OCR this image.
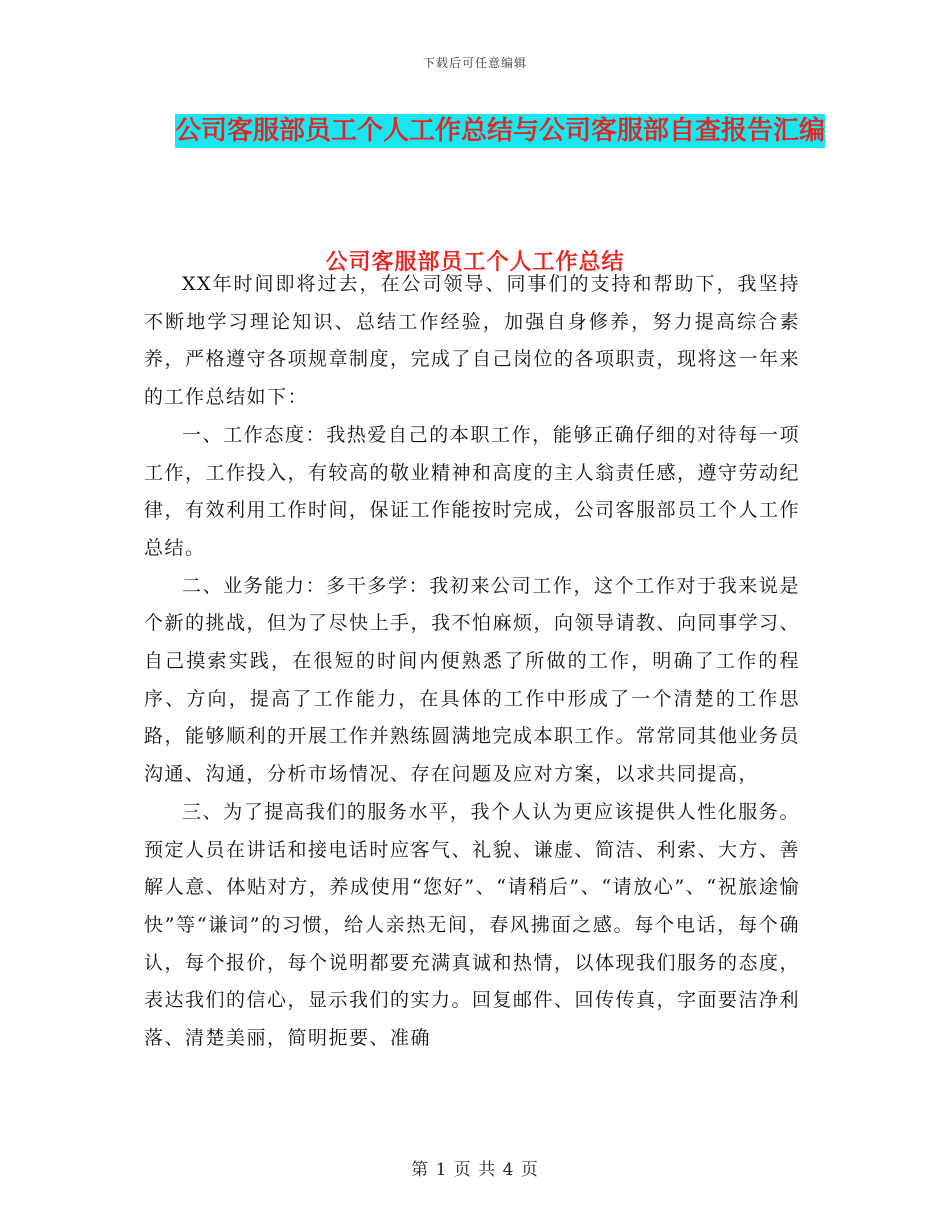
下载后可任意编辑
公司客服部员工个人工作总结与公司客服部自查报告汇编
公司客服部员工个人工作总结

XX年时间即将过去，在公司领导、同事们的支持和帮助下，我坚持不断地学习理论知识、总结工作经验，加强自身修养，努力提高综合素养，严格遵守各项规章制度，完成了自己岗位的各项职责，现将这一年来的工作总结如下：

一、工作态度：我热爱自己的本职工作，能够正确仔细的对待每一项工作，工作投入，有较高的敬业精神和高度的主人翁责任感，遵守劳动纪律，有效利用工作时间，保证工作能按时完成，公司客服部员工个人工作总结。

二、业务能力：多干多学：我初来公司工作，这个工作对于我来说是个新的挑战，但为了尽快上手，我不怕麻烦，向领导请教、向同事学习、自己摸索实践，在很短的时间内便熟悉了所做的工作，明确了工作的程序、方向，提高了工作能力，在具体的工作中形成了一个清楚的工作思路，能够顺利的开展工作并熟练圆满地完成本职工作。常常同其他业务员沟通、沟通，分析市场情况、存在问题及应对方案，以求共同提高，

三、为了提高我们的服务水平，我个人认为更应该提供人性化服务。预定人员在讲话和接电话时应客气、礼貌、谦虚、简洁、利索、大方、善解人意、体贴对方，养成使用“您好”、“请稍后”、“请放心”、“祝旅途愉快”等“谦词”的习惯，给人亲热无间，春风拂面之感。每个电话，每个确认，每个报价，每个说明都要充满真诚和热情，以体现我们服务的态度，表达我们的信心，显示我们的实力。回复邮件、回传传真，字面要洁净利落、清楚美丽，简明扼要、准确

第 1 页 共 4 页
